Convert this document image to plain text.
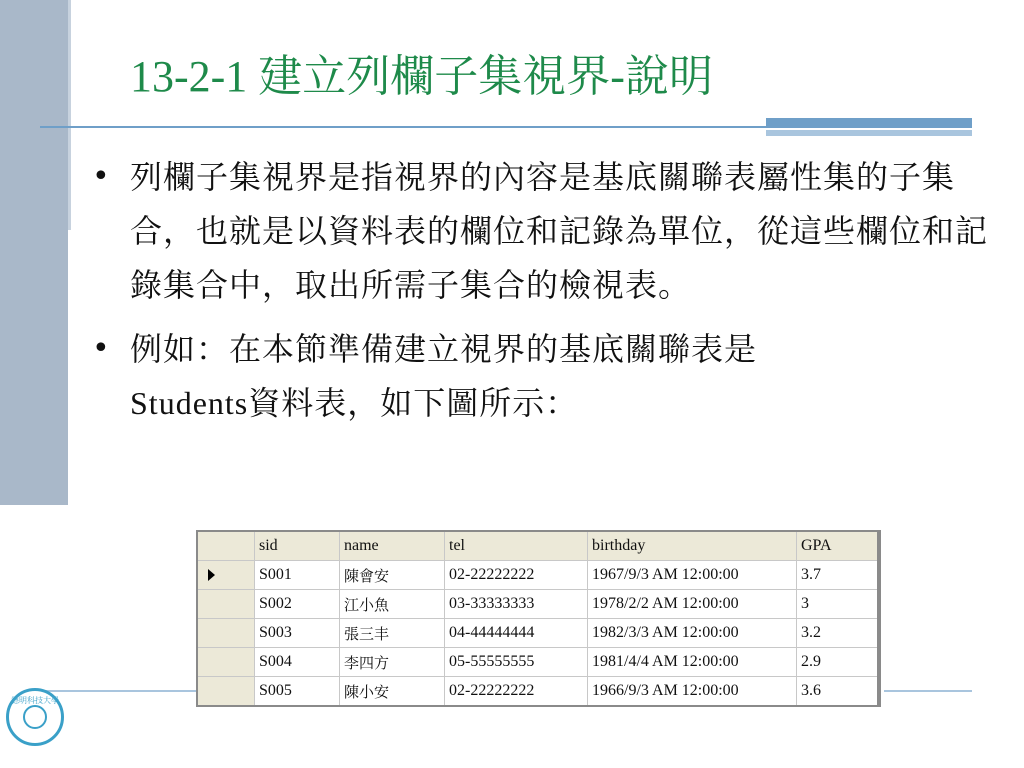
13-2-1 建立列欄子集視界-說明
• 列欄子集視界是指視界的內容是基底關聯表屬性集的子集合，也就是以資料表的欄位和記錄為單位，從這些欄位和記錄集合中，取出所需子集合的檢視表。
• 例如：在本節準備建立視界的基底關聯表是
Students資料表，如下圖所示：
	sid	name	tel	birthday	GPA
	S001	陳會安	02-22222222	1967/9/3 AM 12:00:00	3.7
	S002	江小魚	03-33333333	1978/2/2 AM 12:00:00	3
	S003	張三丰	04-44444444	1982/3/3 AM 12:00:00	3.2
	S004	李四方	05-55555555	1981/4/4 AM 12:00:00	2.9
	S005	陳小安	02-22222222	1966/9/3 AM 12:00:00	3.6
德明科技大學
